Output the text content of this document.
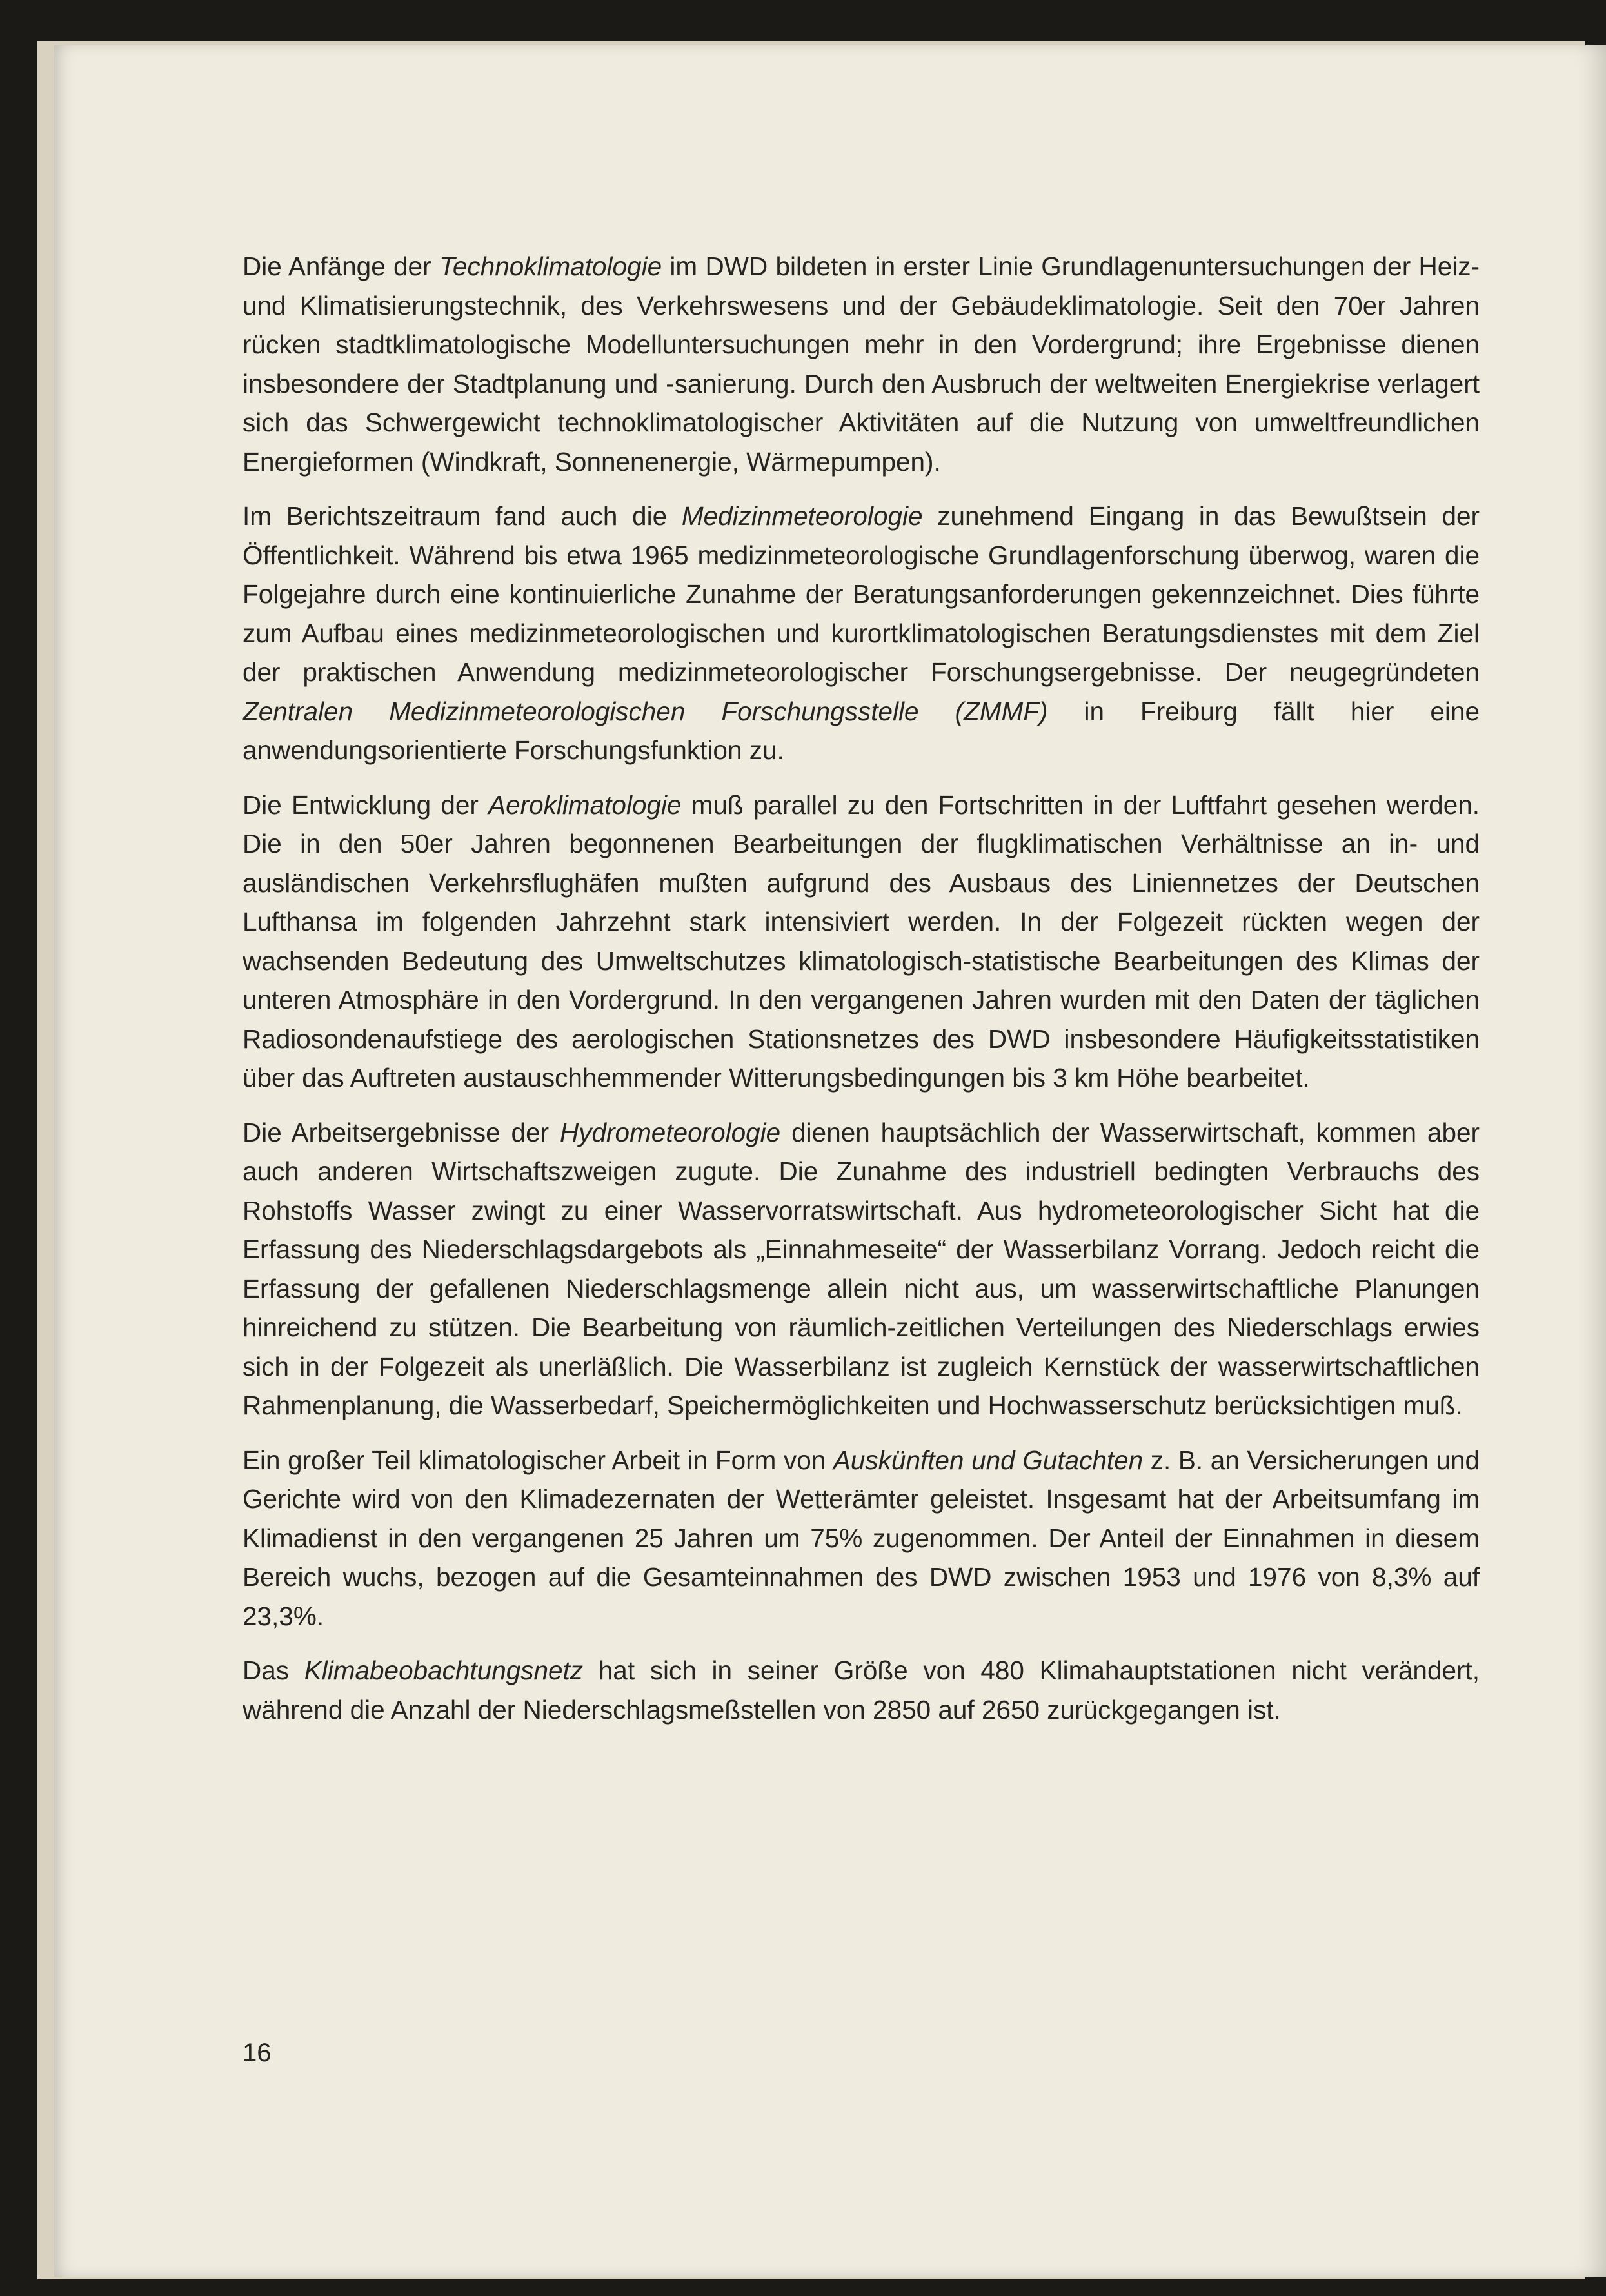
Die Anfänge der Technoklimatologie im DWD bildeten in erster Linie Grundlagenuntersuchungen der Heiz- und Klimatisierungstechnik, des Verkehrswesens und der Gebäudeklimatologie. Seit den 70er Jahren rücken stadtklimatologische Modelluntersuchungen mehr in den Vordergrund; ihre Ergebnisse dienen insbesondere der Stadtplanung und -sanierung. Durch den Ausbruch der weltweiten Energiekrise verlagert sich das Schwergewicht technoklimatologischer Aktivitäten auf die Nutzung von umweltfreundlichen Energieformen (Windkraft, Sonnenenergie, Wärmepumpen).

Im Berichtszeitraum fand auch die Medizinmeteorologie zunehmend Eingang in das Bewußtsein der Öffentlichkeit. Während bis etwa 1965 medizinmeteorologische Grundlagenforschung überwog, waren die Folgejahre durch eine kontinuierliche Zunahme der Beratungsanforderungen gekennzeichnet. Dies führte zum Aufbau eines medizinmeteorologischen und kurortklimatologischen Beratungsdienstes mit dem Ziel der praktischen Anwendung medizinmeteorologischer Forschungsergebnisse. Der neugegründeten Zentralen Medizinmeteorologischen Forschungsstelle (ZMMF) in Freiburg fällt hier eine anwendungsorientierte Forschungsfunktion zu.

Die Entwicklung der Aeroklimatologie muß parallel zu den Fortschritten in der Luftfahrt gesehen werden. Die in den 50er Jahren begonnenen Bearbeitungen der flugklimatischen Verhältnisse an in- und ausländischen Verkehrsflughäfen mußten aufgrund des Ausbaus des Liniennetzes der Deutschen Lufthansa im folgenden Jahrzehnt stark intensiviert werden. In der Folgezeit rückten wegen der wachsenden Bedeutung des Umweltschutzes klimatologisch-statistische Bearbeitungen des Klimas der unteren Atmosphäre in den Vordergrund. In den vergangenen Jahren wurden mit den Daten der täglichen Radiosondenaufstiege des aerologischen Stationsnetzes des DWD insbesondere Häufigkeitsstatistiken über das Auftreten austauschhemmender Witterungsbedingungen bis 3 km Höhe bearbeitet.

Die Arbeitsergebnisse der Hydrometeorologie dienen hauptsächlich der Wasserwirtschaft, kommen aber auch anderen Wirtschaftszweigen zugute. Die Zunahme des industriell bedingten Verbrauchs des Rohstoffs Wasser zwingt zu einer Wasservorratswirtschaft. Aus hydrometeorologischer Sicht hat die Erfassung des Niederschlagsdargebots als „Einnahmeseite“ der Wasserbilanz Vorrang. Jedoch reicht die Erfassung der gefallenen Niederschlagsmenge allein nicht aus, um wasserwirtschaftliche Planungen hinreichend zu stützen. Die Bearbeitung von räumlich-zeitlichen Verteilungen des Niederschlags erwies sich in der Folgezeit als unerläßlich. Die Wasserbilanz ist zugleich Kernstück der wasserwirtschaftlichen Rahmenplanung, die Wasserbedarf, Speichermöglichkeiten und Hochwasserschutz berücksichtigen muß.

Ein großer Teil klimatologischer Arbeit in Form von Auskünften und Gutachten z. B. an Versicherungen und Gerichte wird von den Klimadezernaten der Wetterämter geleistet. Insgesamt hat der Arbeitsumfang im Klimadienst in den vergangenen 25 Jahren um 75% zugenommen. Der Anteil der Einnahmen in diesem Bereich wuchs, bezogen auf die Gesamteinnahmen des DWD zwischen 1953 und 1976 von 8,3% auf 23,3%.

Das Klimabeobachtungsnetz hat sich in seiner Größe von 480 Klimahauptstationen nicht verändert, während die Anzahl der Niederschlagsmeßstellen von 2850 auf 2650 zurückgegangen ist.

16
